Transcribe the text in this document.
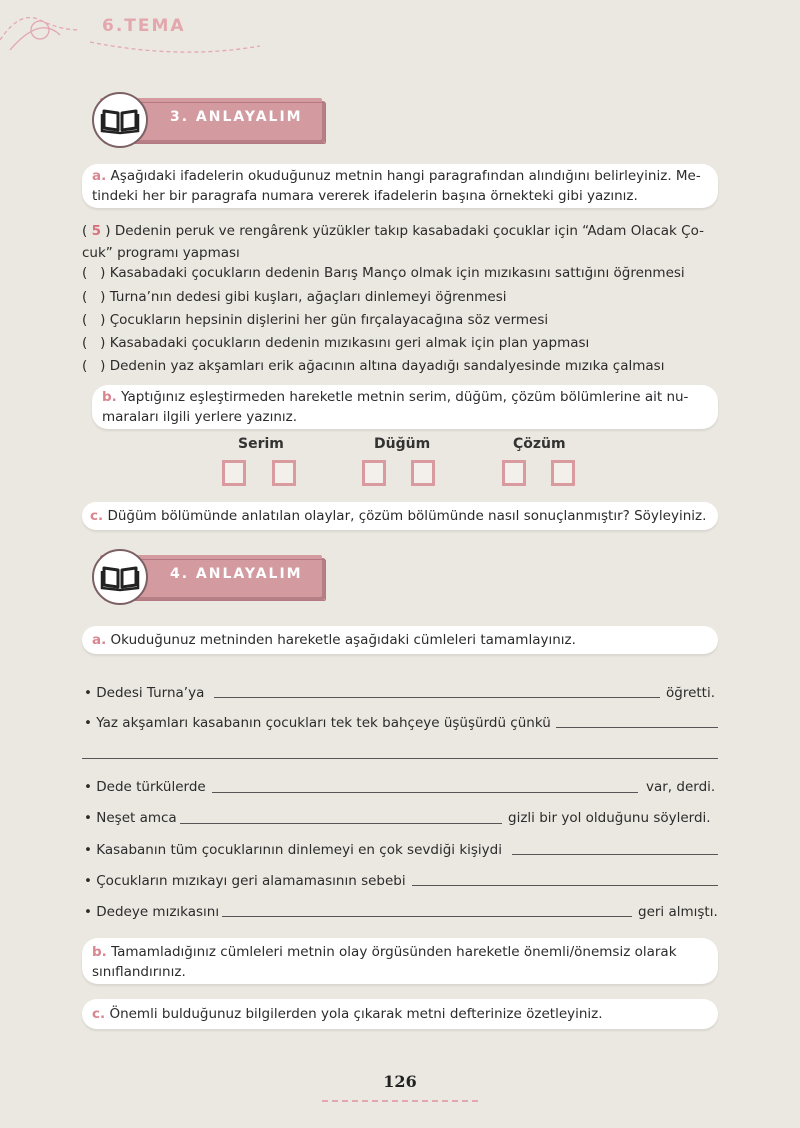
6.TEMA
3. ANLAYALIM
a. Aşağıdaki ifadelerin okuduğunuz metnin hangi paragrafından alındığını belirleyiniz. Me-
tindeki her bir paragrafa numara vererek ifadelerin başına örnekteki gibi yazınız.
( 5 ) Dedenin peruk ve rengârenk yüzükler takıp kasabadaki çocuklar için “Adam Olacak Ço-
cuk” programı yapması
( ) Kasabadaki çocukların dedenin Barış Manço olmak için mızıkasını sattığını öğrenmesi
( ) Turna’nın dedesi gibi kuşları, ağaçları dinlemeyi öğrenmesi
( ) Çocukların hepsinin dişlerini her gün fırçalayacağına söz vermesi
( ) Kasabadaki çocukların dedenin mızıkasını geri almak için plan yapması
( ) Dedenin yaz akşamları erik ağacının altına dayadığı sandalyesinde mızıka çalması
b. Yaptığınız eşleştirmeden hareketle metnin serim, düğüm, çözüm bölümlerine ait nu-
maraları ilgili yerlere yazınız.
Serim	Düğüm	Çözüm
c. Düğüm bölümünde anlatılan olaylar, çözüm bölümünde nasıl sonuçlanmıştır? Söyleyiniz.
4. ANLAYALIM
a. Okuduğunuz metninden hareketle aşağıdaki cümleleri tamamlayınız.
• Dedesi Turna’ya	öğretti.
• Yaz akşamları kasabanın çocukları tek tek bahçeye üşüşürdü çünkü
• Dede türkülerde	var, derdi.
• Neşet amca	gizli bir yol olduğunu söylerdi.
• Kasabanın tüm çocuklarının dinlemeyi en çok sevdiği kişiydi
• Çocukların mızıkayı geri alamamasının sebebi
• Dedeye mızıkasını	geri almıştı.
b. Tamamladığınız cümleleri metnin olay örgüsünden hareketle önemli/önemsiz olarak
sınıflandırınız.
c. Önemli bulduğunuz bilgilerden yola çıkarak metni defterinize özetleyiniz.
126
